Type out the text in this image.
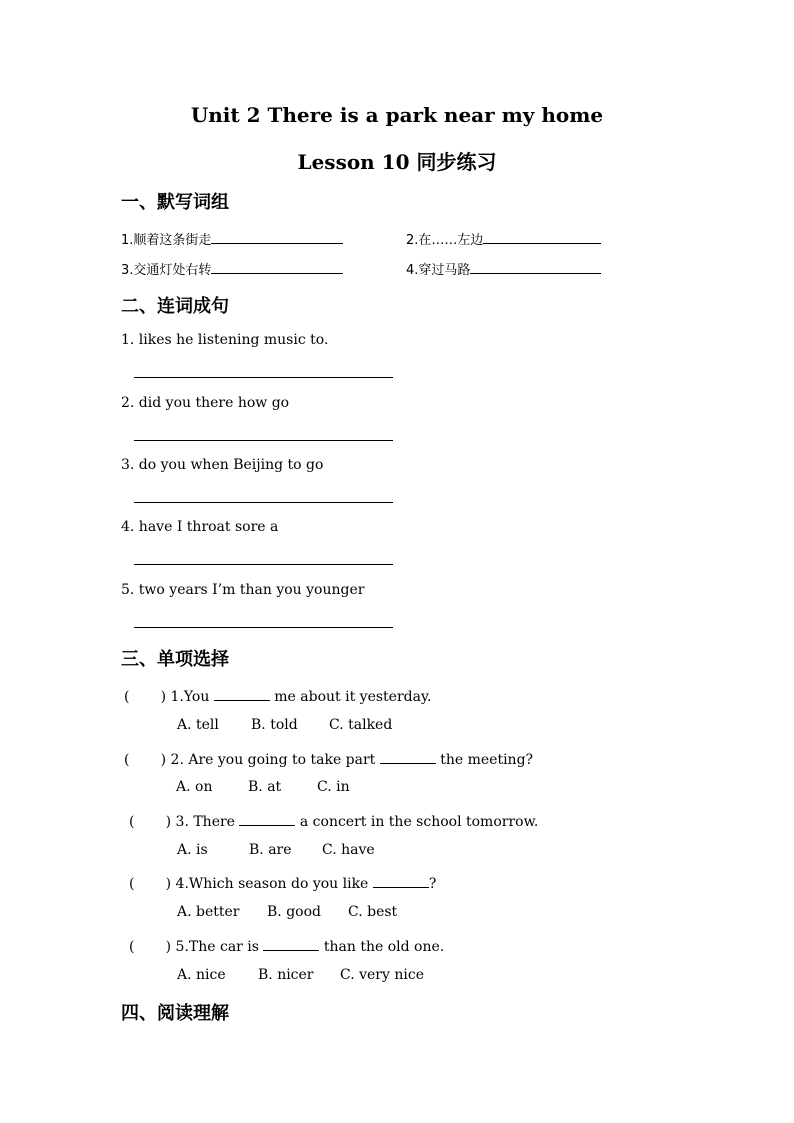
Unit 2 There is a park near my home
Lesson 10 同步练习
一、默写词组
1.顺着这条街走	2.在……左边
3.交通灯处右转	4.穿过马路
二、连词成句
1. likes he listening music to.
2. did you there how go
3. do you when Beijing to go
4. have I throat sore a
5. two years I’m than you younger
三、单项选择
(       ) 1.You	me about it yesterday.
A. tell B. told C. talked
(       ) 2. Are you going to take part	the meeting?
A. on	B. at	C. in
(       ) 3. There	a concert in the school tomorrow.
A. is	B. are C. have
(       ) 4.Which season do you like	?
A. better B. good C. best
(       ) 5.The car is	than the old one.
A. nice B. nicer C. very nice
四、阅读理解
